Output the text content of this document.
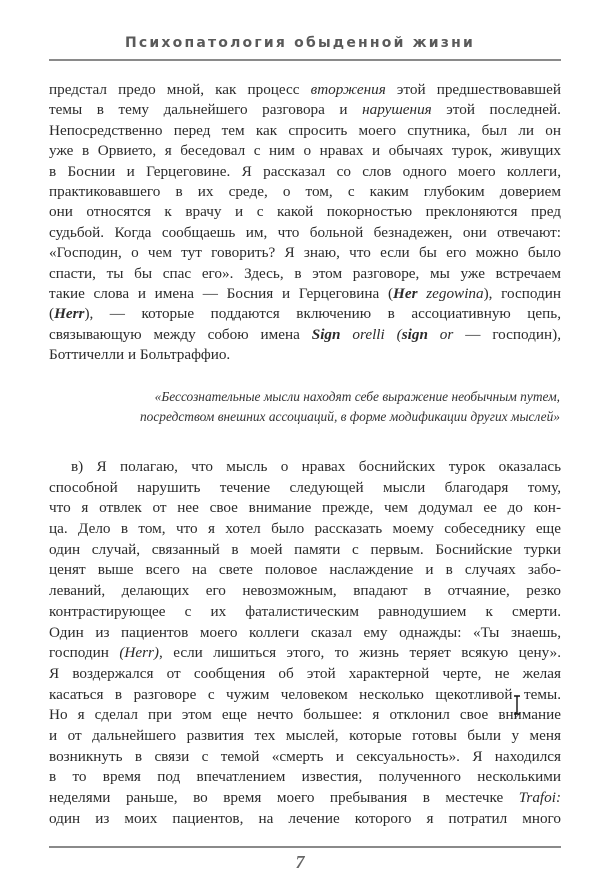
Психопатология обыденной жизни
предстал предо мной, как процесс вторжения этой предшествовавшей
темы в тему дальнейшего разговора и нарушения этой последней.
Непосредственно перед тем как спросить моего спутника, был ли он
уже в Орвието, я беседовал с ним о нравах и обычаях турок, живущих
в Боснии и Герцеговине. Я рассказал со слов одного моего коллеги,
практиковавшего в их среде, о том, с каким глубоким доверием
они относятся к врачу и с какой покорностью преклоняются пред
судьбой. Когда сообщаешь им, что больной безнадежен, они отвечают:
«Господин, о чем тут говорить? Я знаю, что если бы его можно было
спасти, ты бы спас его». Здесь, в этом разговоре, мы уже встречаем
такие слова и имена — Босния и Герцеговина (Her zegowina), господин
(Herr), — которые поддаются включению в ассоциативную цепь,
связывающую между собою имена Sign orelli (sign or — господин),
Боттичелли и Больтраффио.
«Бессознательные мысли находят себе выражение необычным путем,
посредством внешних ассоциаций, в форме модификации других мыслей»
в) Я полагаю, что мысль о нравах боснийских турок оказалась
способной нарушить течение следующей мысли благодаря тому,
что я отвлек от нее свое внимание прежде, чем додумал ее до кон-
ца. Дело в том, что я хотел было рассказать моему собеседнику еще
один случай, связанный в моей памяти с первым. Боснийские турки
ценят выше всего на свете половое наслаждение и в случаях забо-
леваний, делающих его невозможным, впадают в отчаяние, резко
контрастирующее с их фаталистическим равнодушием к смерти.
Один из пациентов моего коллеги сказал ему однажды: «Ты знаешь,
господин (Herr), если лишиться этого, то жизнь теряет всякую цену».
Я воздержался от сообщения об этой характерной черте, не желая
касаться в разговоре с чужим человеком несколько щекотливой темы.
Но я сделал при этом еще нечто большее: я отклонил свое внимание
и от дальнейшего развития тех мыслей, которые готовы были у меня
возникнуть в связи с темой «смерть и сексуальность». Я находился
в то время под впечатлением известия, полученного несколькими
неделями раньше, во время моего пребывания в местечке Trafoi:
один из моих пациентов, на лечение которого я потратил много
7
